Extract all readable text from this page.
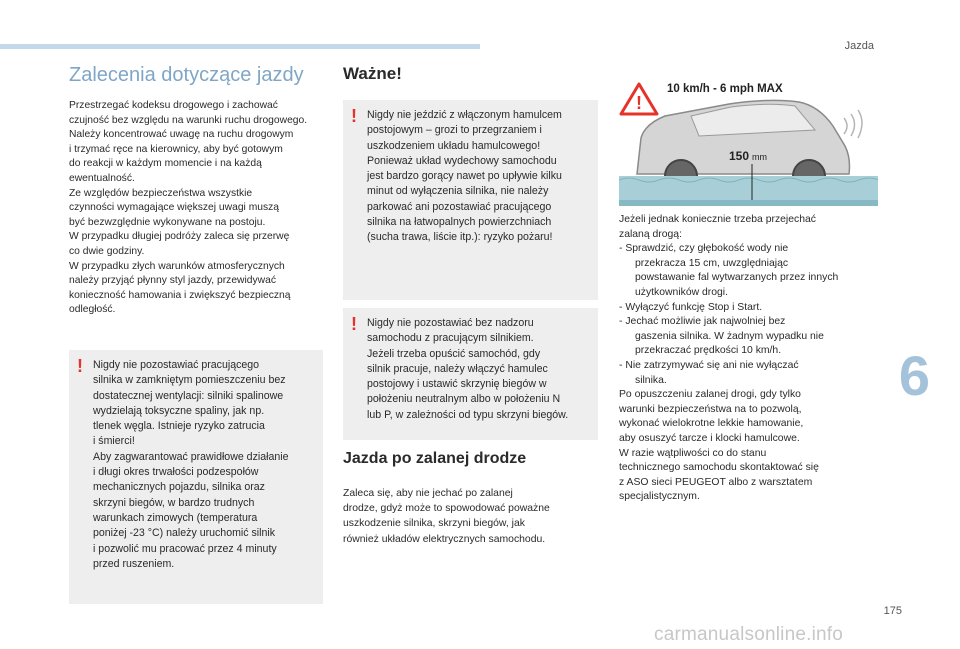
Jazda
6
Zalecenia dotyczące jazdy
Przestrzegać kodeksu drogowego i zachować
czujność bez względu na warunki ruchu drogowego.
Należy koncentrować uwagę na ruchu drogowym
i trzymać ręce na kierownicy, aby być gotowym
do reakcji w każdym momencie i na każdą
ewentualność.
Ze względów bezpieczeństwa wszystkie
czynności wymagające większej uwagi muszą
być bezwzględnie wykonywane na postoju.
W przypadku długiej podróży zaleca się przerwę
co dwie godziny.
W przypadku złych warunków atmosferycznych
należy przyjąć płynny styl jazdy, przewidywać
konieczność hamowania i zwiększyć bezpieczną
odległość.
! Nigdy nie pozostawiać pracującego
silnika w zamkniętym pomieszczeniu bez
dostatecznej wentylacji: silniki spalinowe
wydzielają toksyczne spaliny, jak np.
tlenek węgla. Istnieje ryzyko zatrucia
i śmierci!
Aby zagwarantować prawidłowe działanie
i długi okres trwałości podzespołów
mechanicznych pojazdu, silnika oraz
skrzyni biegów, w bardzo trudnych
warunkach zimowych (temperatura
poniżej -23 °C) należy uruchomić silnik
i pozwolić mu pracować przez 4 minuty
przed ruszeniem.
Ważne!
! Nigdy nie jeździć z włączonym hamulcem
postojowym – grozi to przegrzaniem i
uszkodzeniem układu hamulcowego!
Ponieważ układ wydechowy samochodu
jest bardzo gorący nawet po upływie kilku
minut od wyłączenia silnika, nie należy
parkować ani pozostawiać pracującego
silnika na łatwopalnych powierzchniach
(sucha trawa, liście itp.): ryzyko pożaru!
! Nigdy nie pozostawiać bez nadzoru
samochodu z pracującym silnikiem.
Jeżeli trzeba opuścić samochód, gdy
silnik pracuje, należy włączyć hamulec
postojowy i ustawić skrzynię biegów w
położeniu neutralnym albo w położeniu N
lub P, w zależności od typu skrzyni biegów.
Jazda po zalanej drodze
Zaleca się, aby nie jechać po zalanej
drodze, gdyż może to spowodować poważne
uszkodzenie silnika, skrzyni biegów, jak
również układów elektrycznych samochodu.
!
10 km/h - 6 mph MAX
150 mm
Jeżeli jednak koniecznie trzeba przejechać
zalaną drogą:
- Sprawdzić, czy głębokość wody nie
przekracza 15 cm, uwzględniając
powstawanie fal wytwarzanych przez innych
użytkowników drogi.
- Wyłączyć funkcję Stop i Start.
- Jechać możliwie jak najwolniej bez
gaszenia silnika. W żadnym wypadku nie
przekraczać prędkości 10 km/h.
- Nie zatrzymywać się ani nie wyłączać
silnika.
Po opuszczeniu zalanej drogi, gdy tylko
warunki bezpieczeństwa na to pozwolą,
wykonać wielokrotne lekkie hamowanie,
aby osuszyć tarcze i klocki hamulcowe.
W razie wątpliwości co do stanu
technicznego samochodu skontaktować się
z ASO sieci PEUGEOT albo z warsztatem
specjalistycznym.
175
carmanualsonline.info
